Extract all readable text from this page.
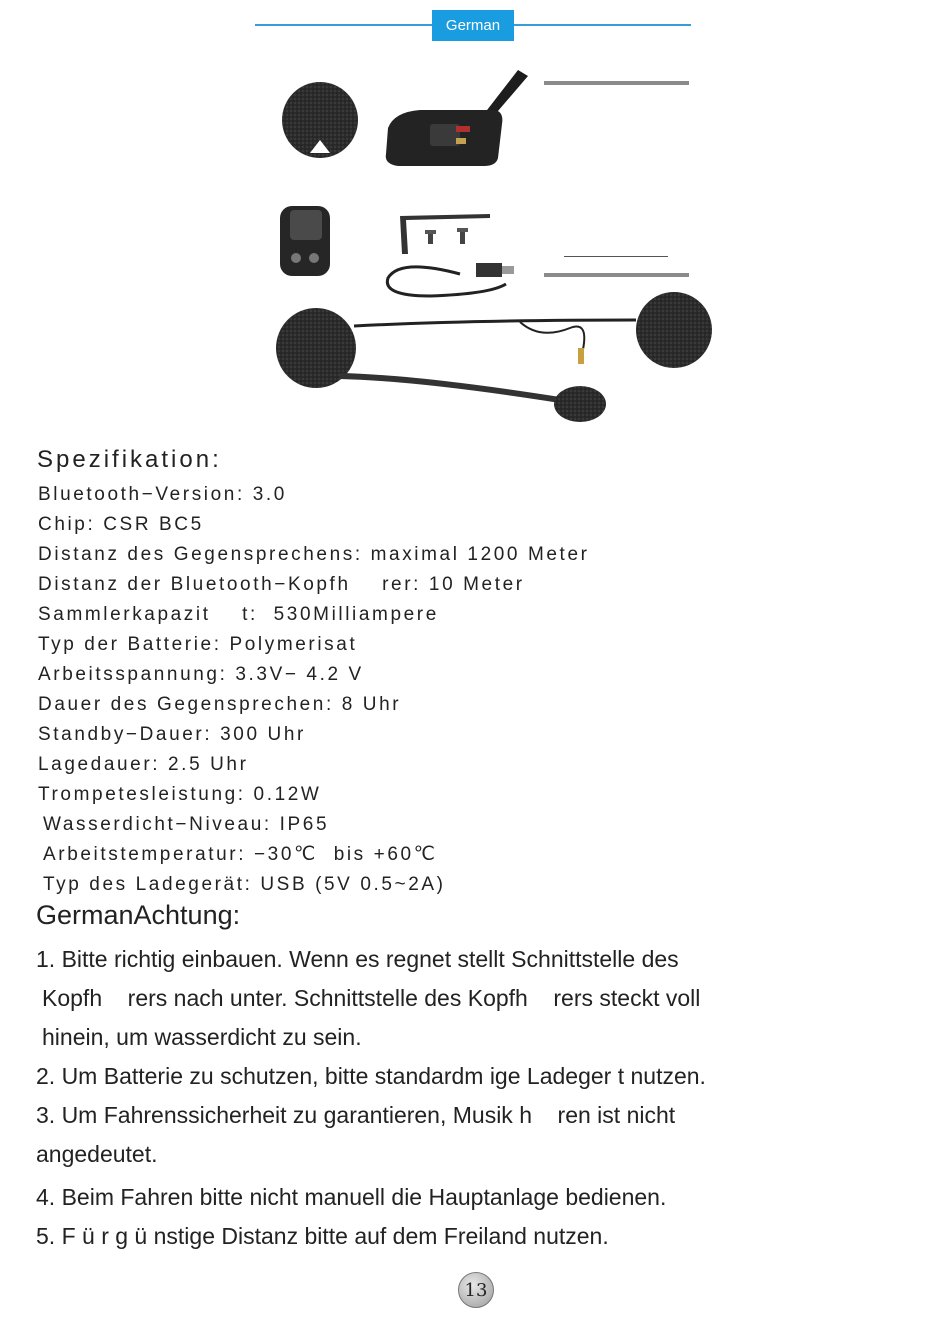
German
Spezifikation:
Bluetooth−Version: 3.0
Chip: CSR BC5
Distanz des Gegensprechens: maximal 1200 Meter
Distanz der Bluetooth−Kopfh    rer: 10 Meter
Sammlerkapazit    t:  530Milliampere
Typ der Batterie: Polymerisat
Arbeitsspannung: 3.3V− 4.2 V
Dauer des Gegensprechen: 8 Uhr
Standby−Dauer: 300 Uhr
Lagedauer: 2.5 Uhr
Trompetesleistung: 0.12W
Wasserdicht−Niveau: IP65
Arbeitstemperatur: −30℃  bis +60℃
Typ des Ladegerät: USB (5V 0.5~2A)
GermanAchtung:
1. Bitte richtig einbauen. Wenn es regnet stellt Schnittstelle des
Kopfh    rers nach unter. Schnittstelle des Kopfh    rers steckt voll
hinein, um wasserdicht zu sein.
2. Um Batterie zu schutzen, bitte standardm ige Ladeger t nutzen.
3. Um Fahrenssicherheit zu garantieren, Musik h    ren ist nicht
angedeutet.
4. Beim Fahren bitte nicht manuell die Hauptanlage bedienen.
5. F ü r g ü nstige Distanz bitte auf dem Freiland nutzen.
13
